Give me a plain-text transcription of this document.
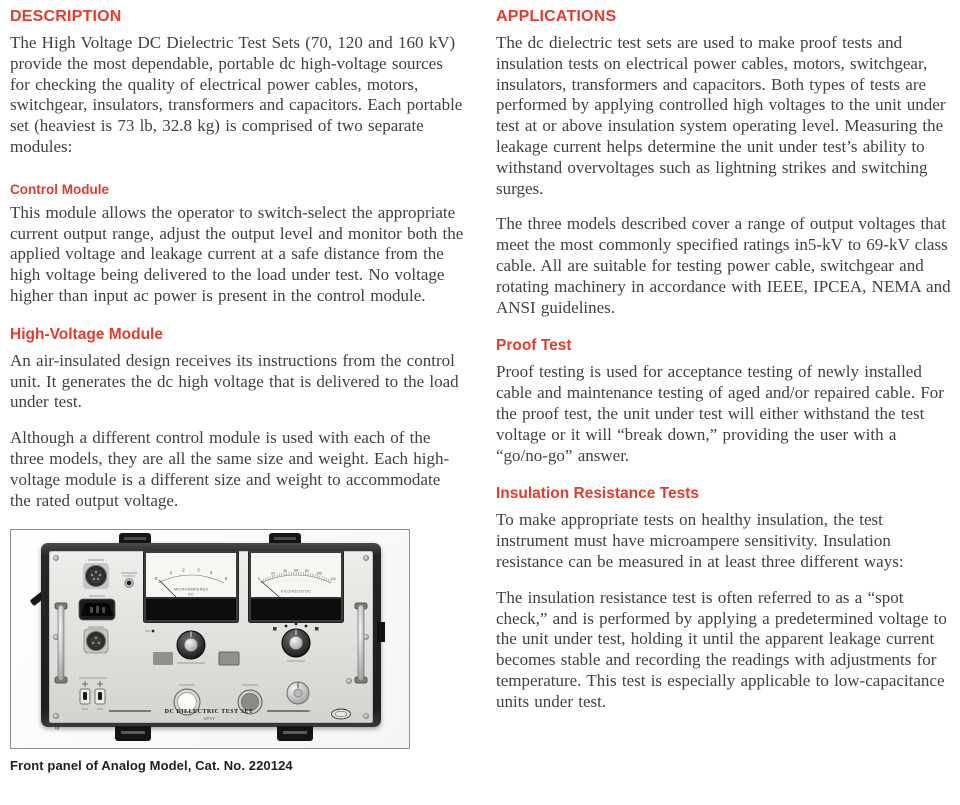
DESCRIPTION

The High Voltage DC Dielectric Test Sets (70, 120 and 160 kV) provide the most dependable, portable dc high-voltage sources for checking the quality of electrical power cables, motors, switchgear, insulators, transformers and capacitors. Each portable set (heaviest is 73 lb, 32.8 kg) is comprised of two separate modules:

Control Module

This module allows the operator to switch-select the appropriate current output range, adjust the output level and monitor both the applied voltage and leakage current at a safe distance from the high voltage being delivered to the load under test. No voltage higher than input ac power is present in the control module.

High-Voltage Module

An air-insulated design receives its instructions from the control unit. It generates the dc high voltage that is delivered to the load under test.

Although a different control module is used with each of the three models, they are all the same size and weight. Each high-voltage module is a different size and weight to accommodate the rated output voltage.

0
1 2	3 4
5
MICROAMPERES
DC
0
20
40 60 80
100
120
KILOVOLTS DC
DC DIELECTRIC TEST SET
120 kV
Front panel of Analog Model, Cat. No. 220124
APPLICATIONS

The dc dielectric test sets are used to make proof tests and insulation tests on electrical power cables, motors, switchgear, insulators, transformers and capacitors. Both types of tests are performed by applying controlled high voltages to the unit under test at or above insulation system operating level. Measuring the leakage current helps determine the unit under test’s ability to withstand overvoltages such as lightning strikes and switching surges.

The three models described cover a range of output voltages that meet the most commonly specified ratings in5-kV to 69-kV class cable. All are suitable for testing power cable, switchgear and rotating machinery in accordance with IEEE, IPCEA, NEMA and ANSI guidelines.

Proof Test

Proof testing is used for acceptance testing of newly installed cable and maintenance testing of aged and/or repaired cable. For the proof test, the unit under test will either withstand the test voltage or it will “break down,” providing the user with a “go/no-go” answer.

Insulation Resistance Tests

To make appropriate tests on healthy insulation, the test instrument must have microampere sensitivity. Insulation resistance can be measured in at least three different ways:

The insulation resistance test is often referred to as a “spot check,” and is performed by applying a predetermined voltage to the unit under test, holding it until the apparent leakage current becomes stable and recording the readings with adjustments for temperature. This test is especially applicable to low-capacitance units under test.
